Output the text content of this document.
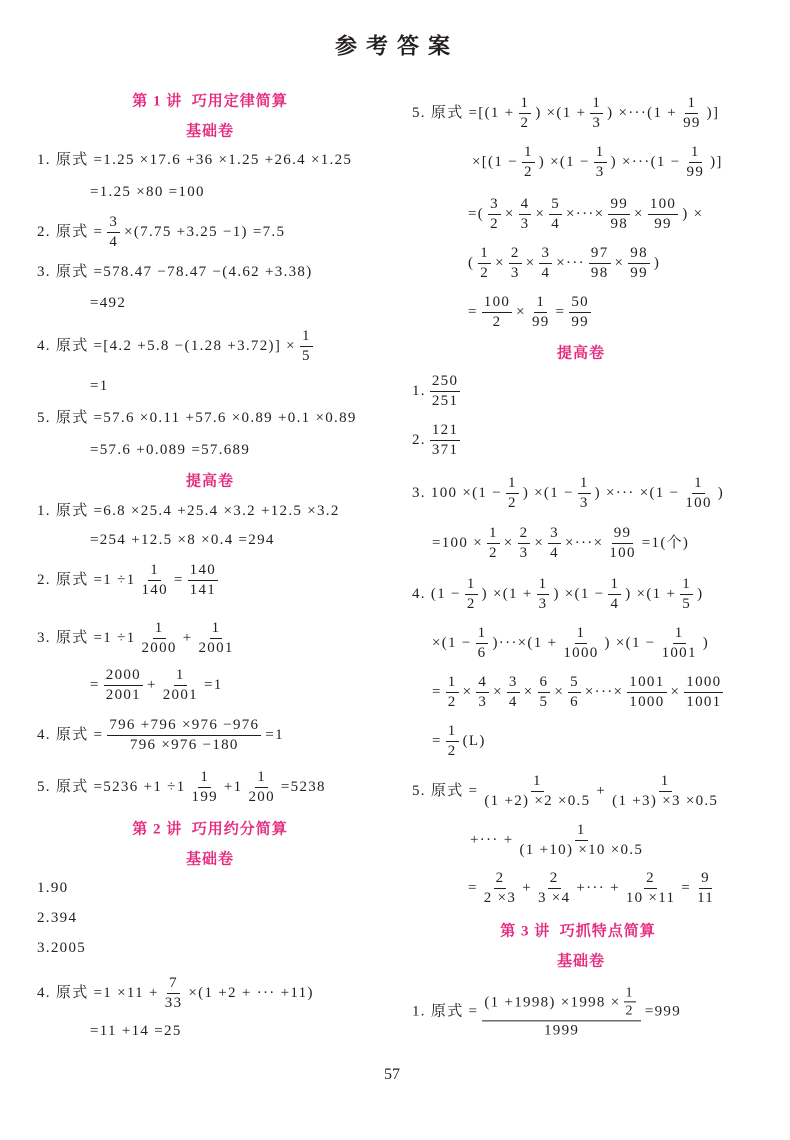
参考答案
第 1 讲  巧用定律简算
基础卷
1. 原式 =1.25 ×17.6 +36 ×1.25 +26.4 ×1.25
=1.25 ×80 =100
2. 原式 = $\frac{3}{4} \times(7.75 +3.25 -1) =7.5$
3. 原式 =578.47 −78.47 −(4.62 +3.38)
=492
4. 原式 $=[4.2 +5.8 -(1.28 +3.72)] \times \frac{1}{5}$
=1
5. 原式 =57.6 ×0.11 +57.6 ×0.89 +0.1 ×0.89
=57.6 +0.089 =57.689
提高卷
1. 原式 =6.8 ×25.4 +25.4 ×3.2 +12.5 ×3.2
=254 +12.5 ×8 ×0.4 =294
2. 原式 $=1 \div 1 \frac{1}{140} = \frac{140}{141}$
3. 原式 $=1 \div 1 \frac{1}{2000} + \frac{1}{2001}$
= $\frac{2000}{2001} + \frac{1}{2001} =1$
4. 原式 = $\frac{796 +796 \times 976 -976}{796 \times 976 -180} =1$
5. 原式 $=5236 +1 \div 1 \frac{1}{199} +1 \frac{1}{200} =5238$
第 2 讲  巧用约分简算
基础卷
1.90
2.394
3.2005
4. 原式 $=1 \times 11 + \frac{7}{33} \times(1 +2$ + ··· +11)
=11 +14 =25
5. 原式 $=[(1 + \frac{1}{2}$ ) $\times(1 + \frac{1}{3}$ ) $\times\cdot\cdot\cdot(1 + \frac{1}{99}$ )]
$\times[(1 - \frac{1}{2}$ ) $\times(1 - \frac{1}{3}$ ) $\times\cdot\cdot\cdot(1 - \frac{1}{99}$ )]
=( $\frac{3}{2} \times \frac{4}{3} \times \frac{5}{4}$ ×···× $\frac{99}{98} \times \frac{100}{99}$ ) ×
( $\frac{1}{2} \times \frac{2}{3} \times \frac{3}{4}$ ×··· $\frac{97}{98} \times \frac{98}{99}$ )
= $\frac{100}{2} \times \frac{1}{99} = \frac{50}{99}$
提高卷
1. $\frac{250}{251}$
2. $\frac{121}{371}$
3. $100 \times(1 - \frac{1}{2}$ ) $\times(1 - \frac{1}{3}$ ) ×··· $\times(1 - \frac{1}{100}$ )
$=100 \times \frac{1}{2} \times \frac{2}{3} \times \frac{3}{4}$ ×···× $\frac{99}{100} =1$(个)
4. ($1 - \frac{1}{2}$ ) $\times(1 + \frac{1}{3}$ ) $\times(1 - \frac{1}{4}$ ) $\times(1 + \frac{1}{5}$ )
$\times(1 - \frac{1}{6} )\cdot\cdot\cdot\times(1 + \frac{1}{1000}$ ) $\times(1 - \frac{1}{1001}$ )
= $\frac{1}{2} \times \frac{4}{3} \times \frac{3}{4} \times \frac{6}{5} \times \frac{5}{6}$ ×···× $\frac{1001}{1000} \times \frac{1000}{1001}$
= $\frac{1}{2} (L)$
5. 原式 = $\frac{1}{(1 +2) \times 2 \times 0.5} + \frac{1}{(1 +3) \times 3 \times 0.5}$
+··· + $\frac{1}{(1 +10) \times 10 \times 0.5}$
= $\frac{2}{2 \times 3} + \frac{2}{3 \times 4}$ +··· + $\frac{2}{10 \times 11} = \frac{9}{11}$
第 3 讲  巧抓特点简算
基础卷
1. 原式 = $\frac{(1 +1998) \times 1998 \times \frac{1}{2}}{1999} =999$
57
